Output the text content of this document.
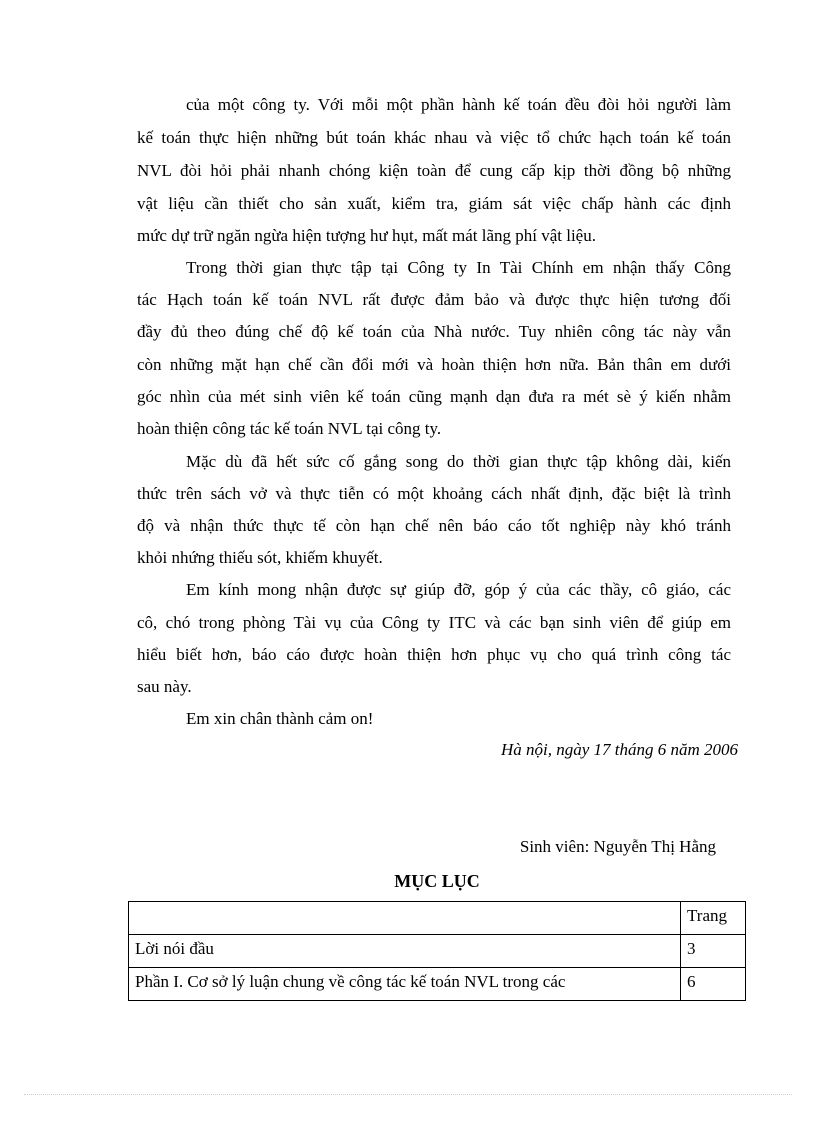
của một công ty. Với mỗi một phần hành kế toán đều đòi hỏi người làm
kế toán thực hiện những bút toán khác nhau và việc tổ chức hạch toán kế toán
NVL đòi hỏi phải nhanh chóng kiện toàn để cung cấp kịp thời đồng bộ những
vật liệu cần thiết cho sản xuất, kiểm tra, giám sát việc chấp hành các định
mức dự trữ ngăn ngừa hiện tượng hư hụt, mất mát lãng phí vật liệu.
Trong thời gian thực tập tại Công ty In Tài Chính em nhận thấy Công
tác Hạch toán kế toán NVL rất được đảm bảo và được thực hiện tương đối
đầy đủ theo đúng chế độ kế toán của Nhà nước. Tuy nhiên công tác này vẫn
còn những mặt hạn chế cần đổi mới và hoàn thiện hơn nữa. Bản thân em dưới
góc nhìn của mét sinh viên kế toán cũng mạnh dạn đưa ra mét sè ý kiến nhằm
hoàn thiện công tác kế toán NVL tại công ty.
Mặc dù đã hết sức cố gắng song do thời gian thực tập không dài, kiến
thức trên sách vở và thực tiễn có một khoảng cách nhất định, đặc biệt là trình
độ và nhận thức thực tế còn hạn chế nên báo cáo tốt nghiệp này khó tránh
khỏi nhứng thiếu sót, khiếm khuyết.
Em kính mong nhận được sự giúp đỡ, góp ý của các thầy, cô giáo, các
cô, chó trong phòng Tài vụ của Công ty ITC và các bạn sinh viên để giúp em
hiểu biết hơn, báo cáo được hoàn thiện hơn phục vụ cho quá trình công tác
sau này.
Em xin chân thành cảm on!
Hà nội, ngày 17 tháng 6 năm 2006
Sinh viên: Nguyễn Thị Hằng
MỤC LỤC
	Trang
Lời nói đầu	3
Phần I. Cơ sở lý luận chung về công tác kế toán NVL trong các	6
